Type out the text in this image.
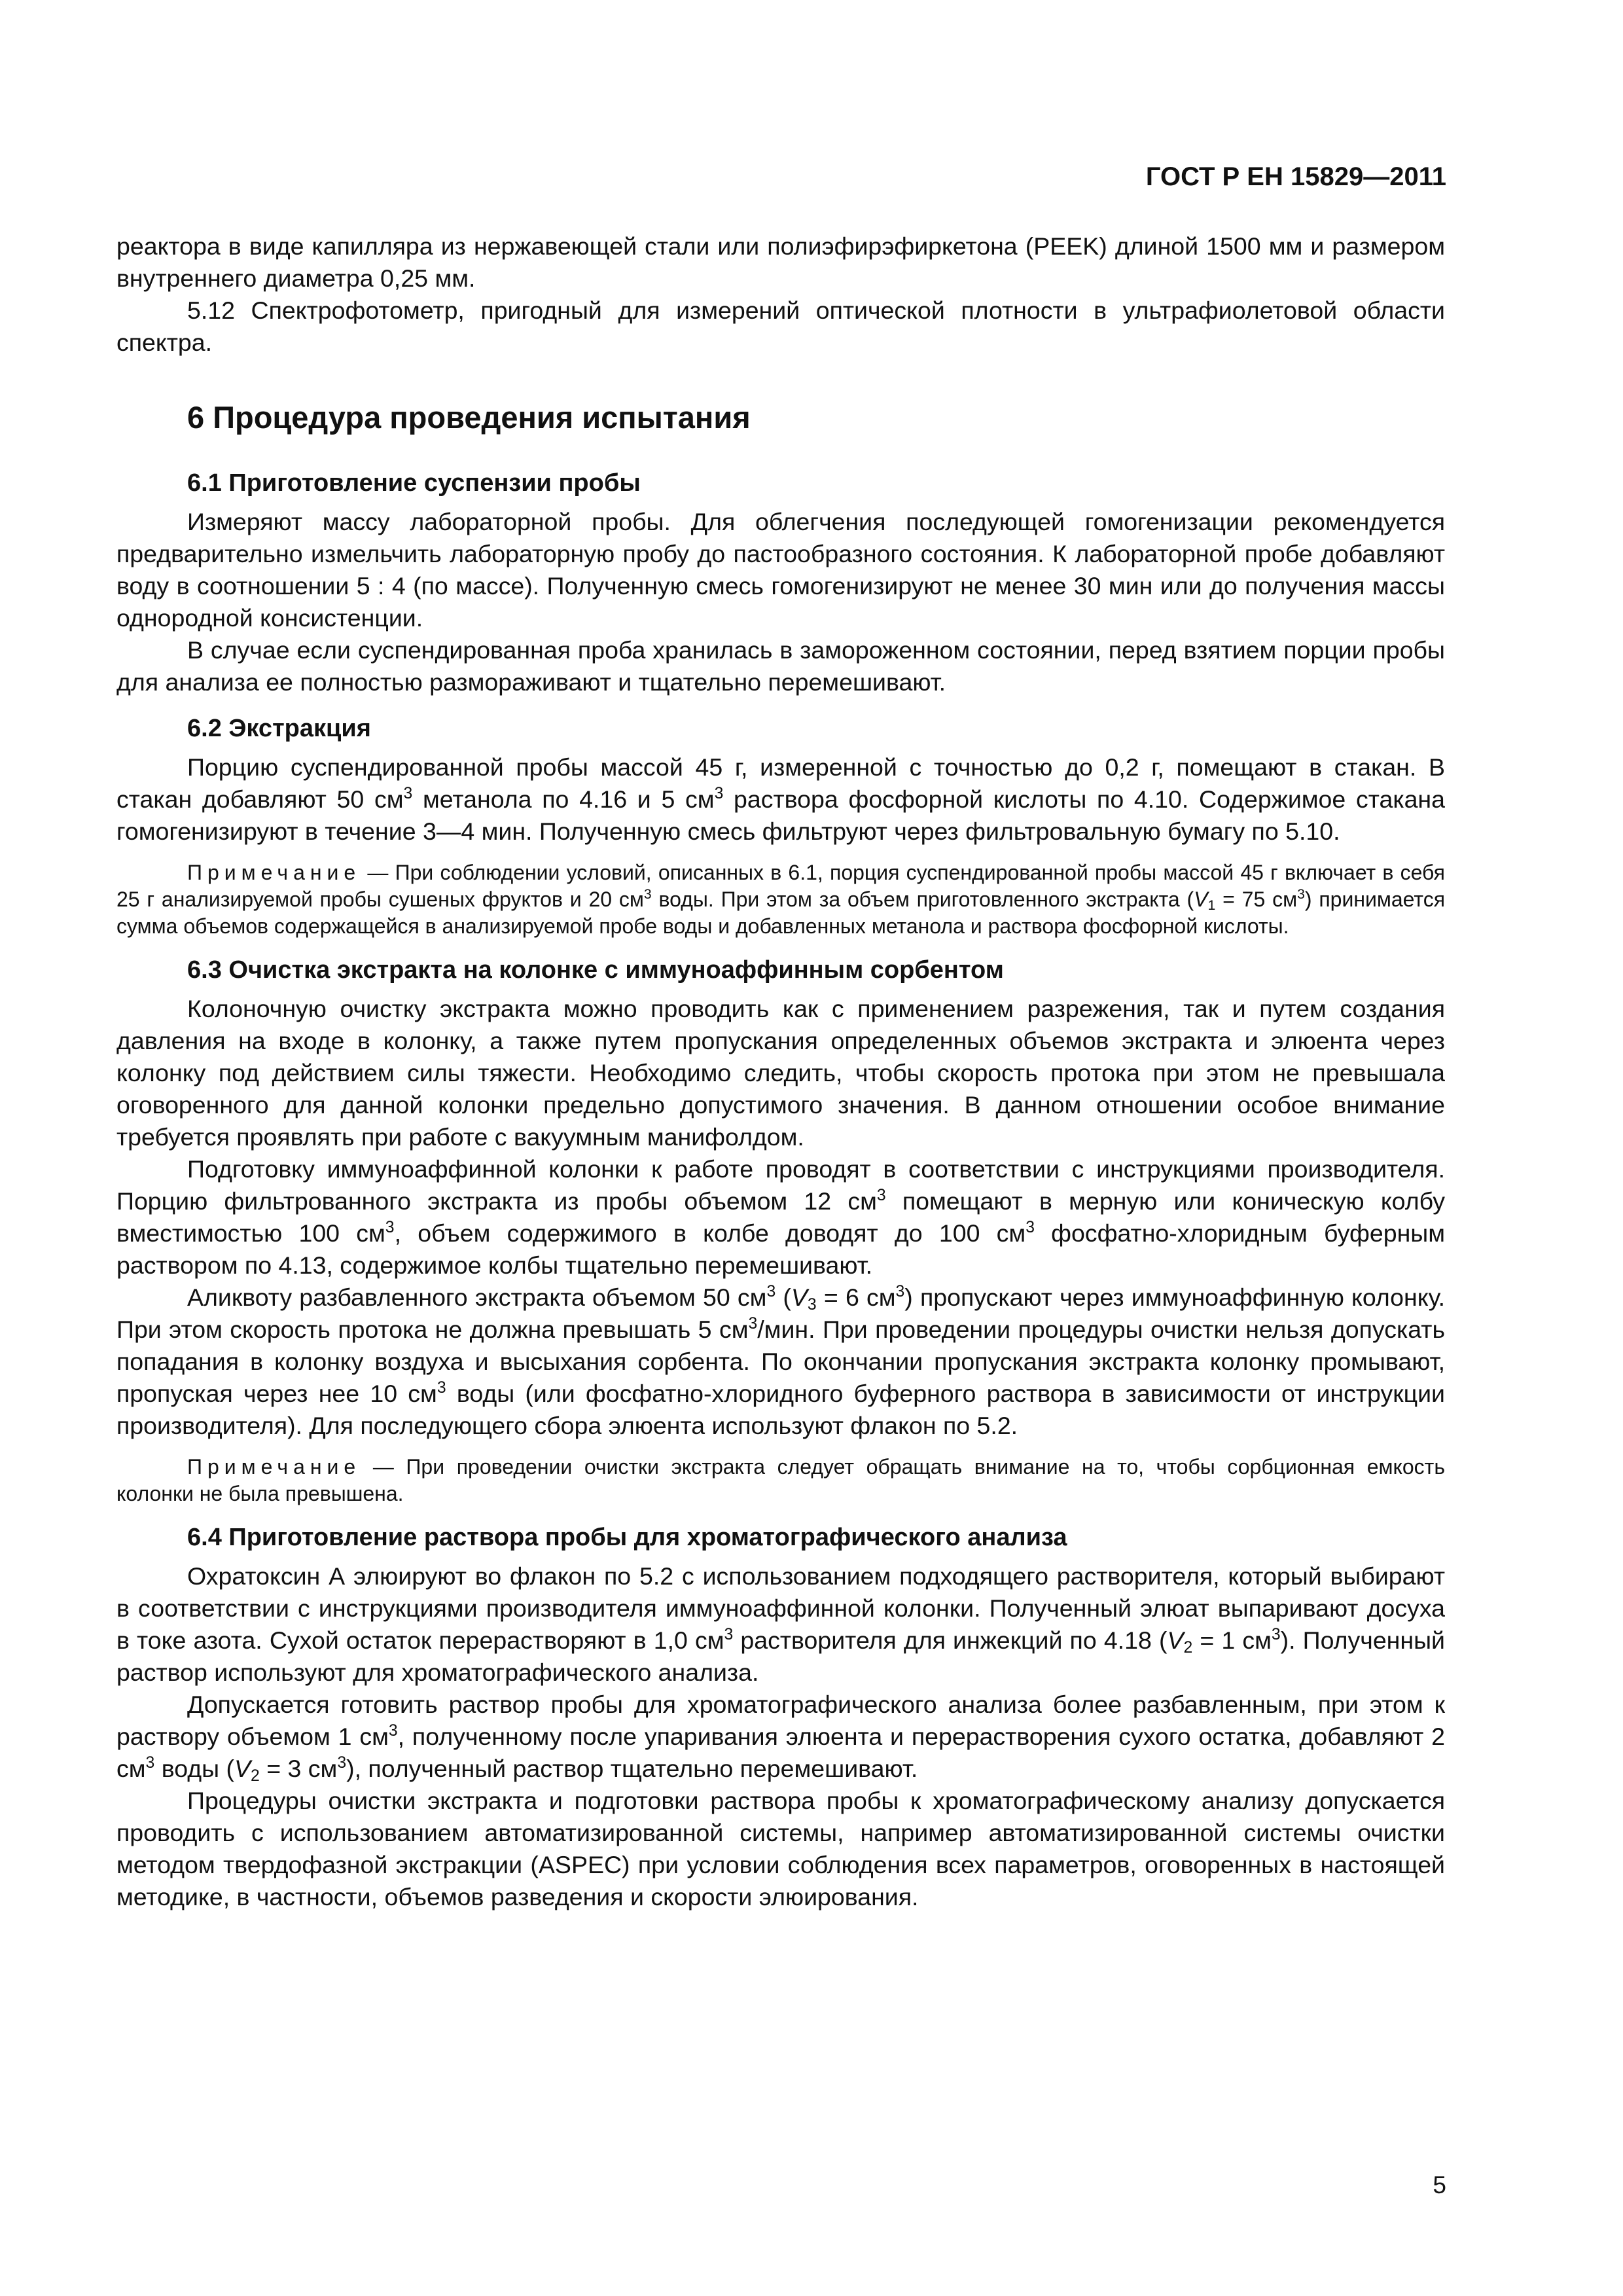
ГОСТ Р ЕН 15829—2011

реактора в виде капилляра из нержавеющей стали или полиэфирэфиркетона (PEEK) длиной 1500 мм и размером внутреннего диаметра 0,25 мм.

5.12 Спектрофотометр, пригодный для измерений оптической плотности в ультрафиолетовой области спектра.

6 Процедура проведения испытания
6.1 Приготовление суспензии пробы

Измеряют массу лабораторной пробы. Для облегчения последующей гомогенизации рекомендуется предварительно измельчить лабораторную пробу до пастообразного состояния. К лабораторной пробе добавляют воду в соотношении 5 : 4 (по массе). Полученную смесь гомогенизируют не менее 30 мин или до получения массы однородной консистенции.

В случае если суспендированная проба хранилась в замороженном состоянии, перед взятием порции пробы для анализа ее полностью размораживают и тщательно перемешивают.

6.2 Экстракция

Порцию суспендированной пробы массой 45 г, измеренной с точностью до 0,2 г, помещают в стакан. В стакан добавляют 50 $см^3$ метанола по 4.16 и 5 $см^3$ раствора фосфорной кислоты по 4.10. Содержимое стакана гомогенизируют в течение 3—4 мин. Полученную смесь фильтруют через фильтровальную бумагу по 5.10.

Примечание — При соблюдении условий, описанных в 6.1, порция суспендированной пробы массой 45 г включает в себя 25 г анализируемой пробы сушеных фруктов и 20 $см^3$ воды. При этом за объем приготовленного экстракта ($V_1 = 75$ $см^3$) принимается сумма объемов содержащейся в анализируемой пробе воды и добавленных метанола и раствора фосфорной кислоты.

6.3 Очистка экстракта на колонке с иммуноаффинным сорбентом

Колоночную очистку экстракта можно проводить как с применением разрежения, так и путем создания давления на входе в колонку, а также путем пропускания определенных объемов экстракта и элюента через колонку под действием силы тяжести. Необходимо следить, чтобы скорость протока при этом не превышала оговоренного для данной колонки предельно допустимого значения. В данном отношении особое внимание требуется проявлять при работе с вакуумным манифолдом.

Подготовку иммуноаффинной колонки к работе проводят в соответствии с инструкциями производителя. Порцию фильтрованного экстракта из пробы объемом 12 $см^3$ помещают в мерную или коническую колбу вместимостью 100 $см^3$, объем содержимого в колбе доводят до 100 $см^3$ фосфатно-хлоридным буферным раствором по 4.13, содержимое колбы тщательно перемешивают.

Аликвоту разбавленного экстракта объемом 50 $см^3$ ($V_3 = 6$ $см^3$) пропускают через иммуноаффинную колонку. При этом скорость протока не должна превышать 5 $см^3$/мин. При проведении процедуры очистки нельзя допускать попадания в колонку воздуха и высыхания сорбента. По окончании пропускания экстракта колонку промывают, пропуская через нее 10 $см^3$ воды (или фосфатно-хлоридного буферного раствора в зависимости от инструкции производителя). Для последующего сбора элюента используют флакон по 5.2.

Примечание — При проведении очистки экстракта следует обращать внимание на то, чтобы сорбционная емкость колонки не была превышена.

6.4 Приготовление раствора пробы для хроматографического анализа

Охратоксин А элюируют во флакон по 5.2 с использованием подходящего растворителя, который выбирают в соответствии с инструкциями производителя иммуноаффинной колонки. Полученный элюат выпаривают досуха в токе азота. Сухой остаток перерастворяют в 1,0 $см^3$ растворителя для инжекций по 4.18 ($V_2 = 1$ $см^3$). Полученный раствор используют для хроматографического анализа.

Допускается готовить раствор пробы для хроматографического анализа более разбавленным, при этом к раствору объемом 1 $см^3$, полученному после упаривания элюента и перерастворения сухого остатка, добавляют 2 $см^3$ воды ($V_2 = 3$ $см^3$), полученный раствор тщательно перемешивают.

Процедуры очистки экстракта и подготовки раствора пробы к хроматографическому анализу допускается проводить с использованием автоматизированной системы, например автоматизированной системы очистки методом твердофазной экстракции (ASPEC) при условии соблюдения всех параметров, оговоренных в настоящей методике, в частности, объемов разведения и скорости элюирования.

5
